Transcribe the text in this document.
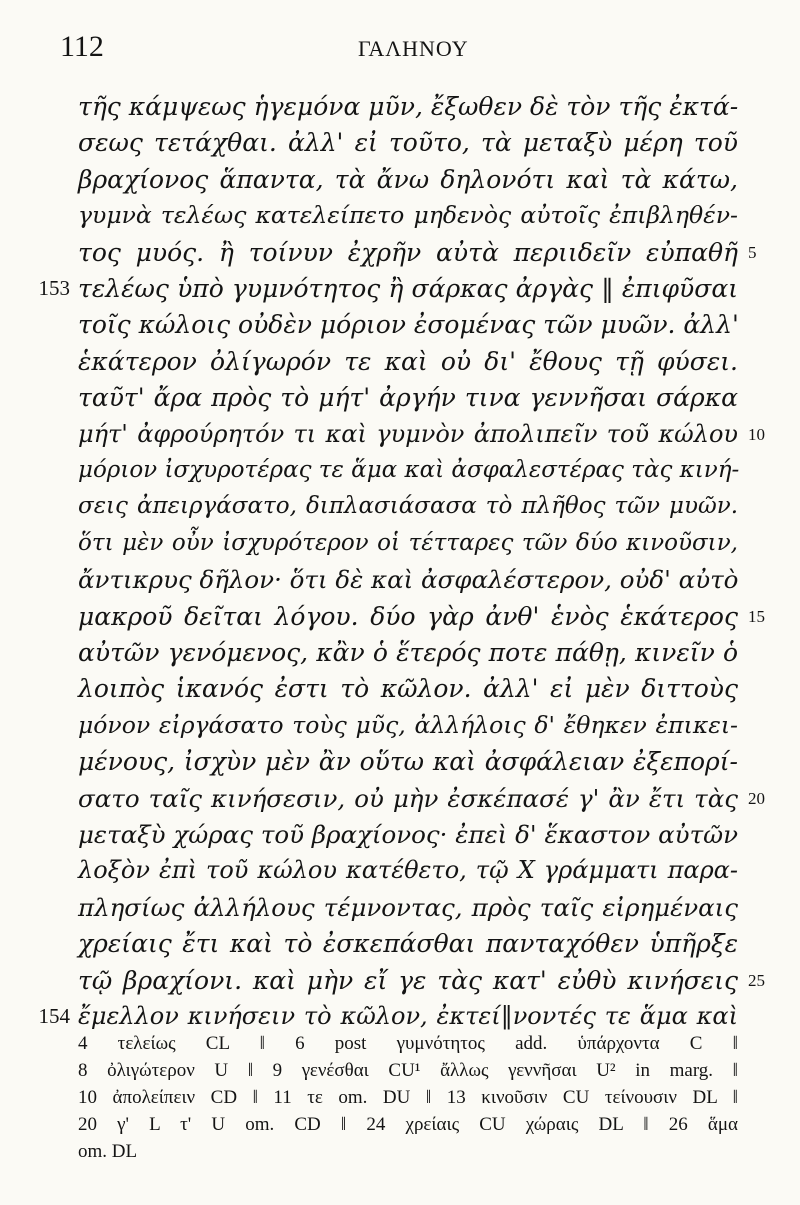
112	ΓΑΛΗΝΟΥ
τῆς κάμψεως ἡγεμόνα μῦν, ἔξωθεν δὲ τὸν τῆς ἐκτά-
σεως τετάχθαι. ἀλλ' εἰ τοῦτο, τὰ μεταξὺ μέρη τοῦ
βραχίονος ἅπαντα, τὰ ἄνω δηλονότι καὶ τὰ κάτω,
γυμνὰ τελέως κατελείπετο μηδενὸς αὐτοῖς ἐπιβληθέν-
τος μυός. ἢ τοίνυν ἐχρῆν αὐτὰ περιιδεῖν εὐπαθῆ
τελέως ὑπὸ γυμνότητος ἢ σάρκας ἀργὰς ‖ ἐπιφῦσαι
τοῖς κώλοις οὐδὲν μόριον ἐσομένας τῶν μυῶν. ἀλλ'
ἑκάτερον ὀλίγωρόν τε καὶ οὐ δι' ἔθους τῇ φύσει.
ταῦτ' ἄρα πρὸς τὸ μήτ' ἀργήν τινα γεννῆσαι σάρκα
μήτ' ἀφρούρητόν τι καὶ γυμνὸν ἀπολιπεῖν τοῦ κώλου
μόριον ἰσχυροτέρας τε ἅμα καὶ ἀσφαλεστέρας τὰς κινή-
σεις ἀπειργάσατο, διπλασιάσασα τὸ πλῆθος τῶν μυῶν.
ὅτι μὲν οὖν ἰσχυρότερον οἱ τέτταρες τῶν δύο κινοῦσιν,
ἄντικρυς δῆλον· ὅτι δὲ καὶ ἀσφαλέστερον, οὐδ' αὐτὸ
μακροῦ δεῖται λόγου. δύο γὰρ ἀνθ' ἑνὸς ἑκάτερος
αὐτῶν γενόμενος, κἂν ὁ ἕτερός ποτε πάθῃ, κινεῖν ὁ
λοιπὸς ἱκανός ἐστι τὸ κῶλον. ἀλλ' εἰ μὲν διττοὺς
μόνον εἰργάσατο τοὺς μῦς, ἀλλήλοις δ' ἔθηκεν ἐπικει-
μένους, ἰσχὺν μὲν ἂν οὕτω καὶ ἀσφάλειαν ἐξεπορί-
σατο ταῖς κινήσεσιν, οὐ μὴν ἐσκέπασέ γ' ἂν ἔτι τὰς
μεταξὺ χώρας τοῦ βραχίονος· ἐπεὶ δ' ἕκαστον αὐτῶν
λοξὸν ἐπὶ τοῦ κώλου κατέθετο, τῷ Χ γράμματι παρα-
πλησίως ἀλλήλους τέμνοντας, πρὸς ταῖς εἰρημέναις
χρείαις ἔτι καὶ τὸ ἐσκεπάσθαι πανταχόθεν ὑπῆρξε
τῷ βραχίονι. καὶ μὴν εἴ γε τὰς κατ' εὐθὺ κινήσεις
ἔμελλον κινήσειν τὸ κῶλον, ἐκτεί‖νοντές τε ἅμα καὶ
5
10
15
20
25
153
154
4 τελείως CL ‖ 6 post γυμνότητος add. ὑπάρχοντα C ‖
8 ὀλιγώτερον U ‖ 9 γενέσθαι CU¹ ἄλλως γεννῆσαι U² in marg. ‖
10 ἀπολείπειν CD ‖ 11 τε om. DU ‖ 13 κινοῦσιν CU τείνουσιν DL ‖
20 γ' L τ' U om. CD ‖ 24 χρείαις CU χώραις DL ‖ 26 ἅμα
om. DL
